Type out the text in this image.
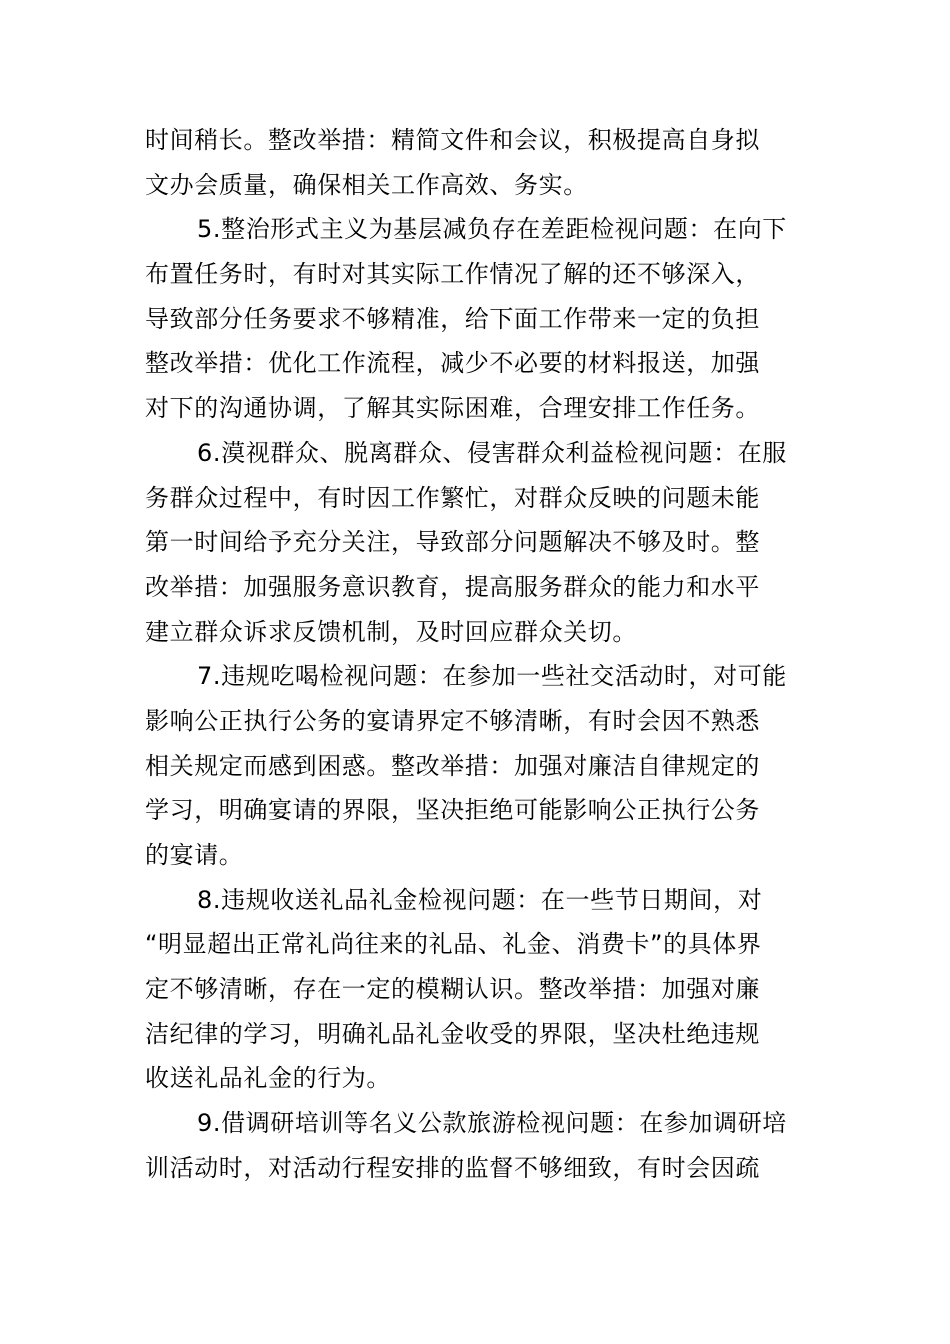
时间稍长。整改举措：精简文件和会议，积极提高自身拟
文办会质量，确保相关工作高效、务实。
5.整治形式主义为基层减负存在差距检视问题：在向下
布置任务时，有时对其实际工作情况了解的还不够深入，
导致部分任务要求不够精准，给下面工作带来一定的负担
整改举措：优化工作流程，减少不必要的材料报送，加强
对下的沟通协调，了解其实际困难，合理安排工作任务。
6.漠视群众、脱离群众、侵害群众利益检视问题：在服
务群众过程中，有时因工作繁忙，对群众反映的问题未能
第一时间给予充分关注，导致部分问题解决不够及时。整
改举措：加强服务意识教育，提高服务群众的能力和水平
建立群众诉求反馈机制，及时回应群众关切。
7.违规吃喝检视问题：在参加一些社交活动时，对可能
影响公正执行公务的宴请界定不够清晰，有时会因不熟悉
相关规定而感到困惑。整改举措：加强对廉洁自律规定的
学习，明确宴请的界限，坚决拒绝可能影响公正执行公务
的宴请。
8.违规收送礼品礼金检视问题：在一些节日期间，对
“明显超出正常礼尚往来的礼品、礼金、消费卡”的具体界
定不够清晰，存在一定的模糊认识。整改举措：加强对廉
洁纪律的学习，明确礼品礼金收受的界限，坚决杜绝违规
收送礼品礼金的行为。
9.借调研培训等名义公款旅游检视问题：在参加调研培
训活动时，对活动行程安排的监督不够细致，有时会因疏
